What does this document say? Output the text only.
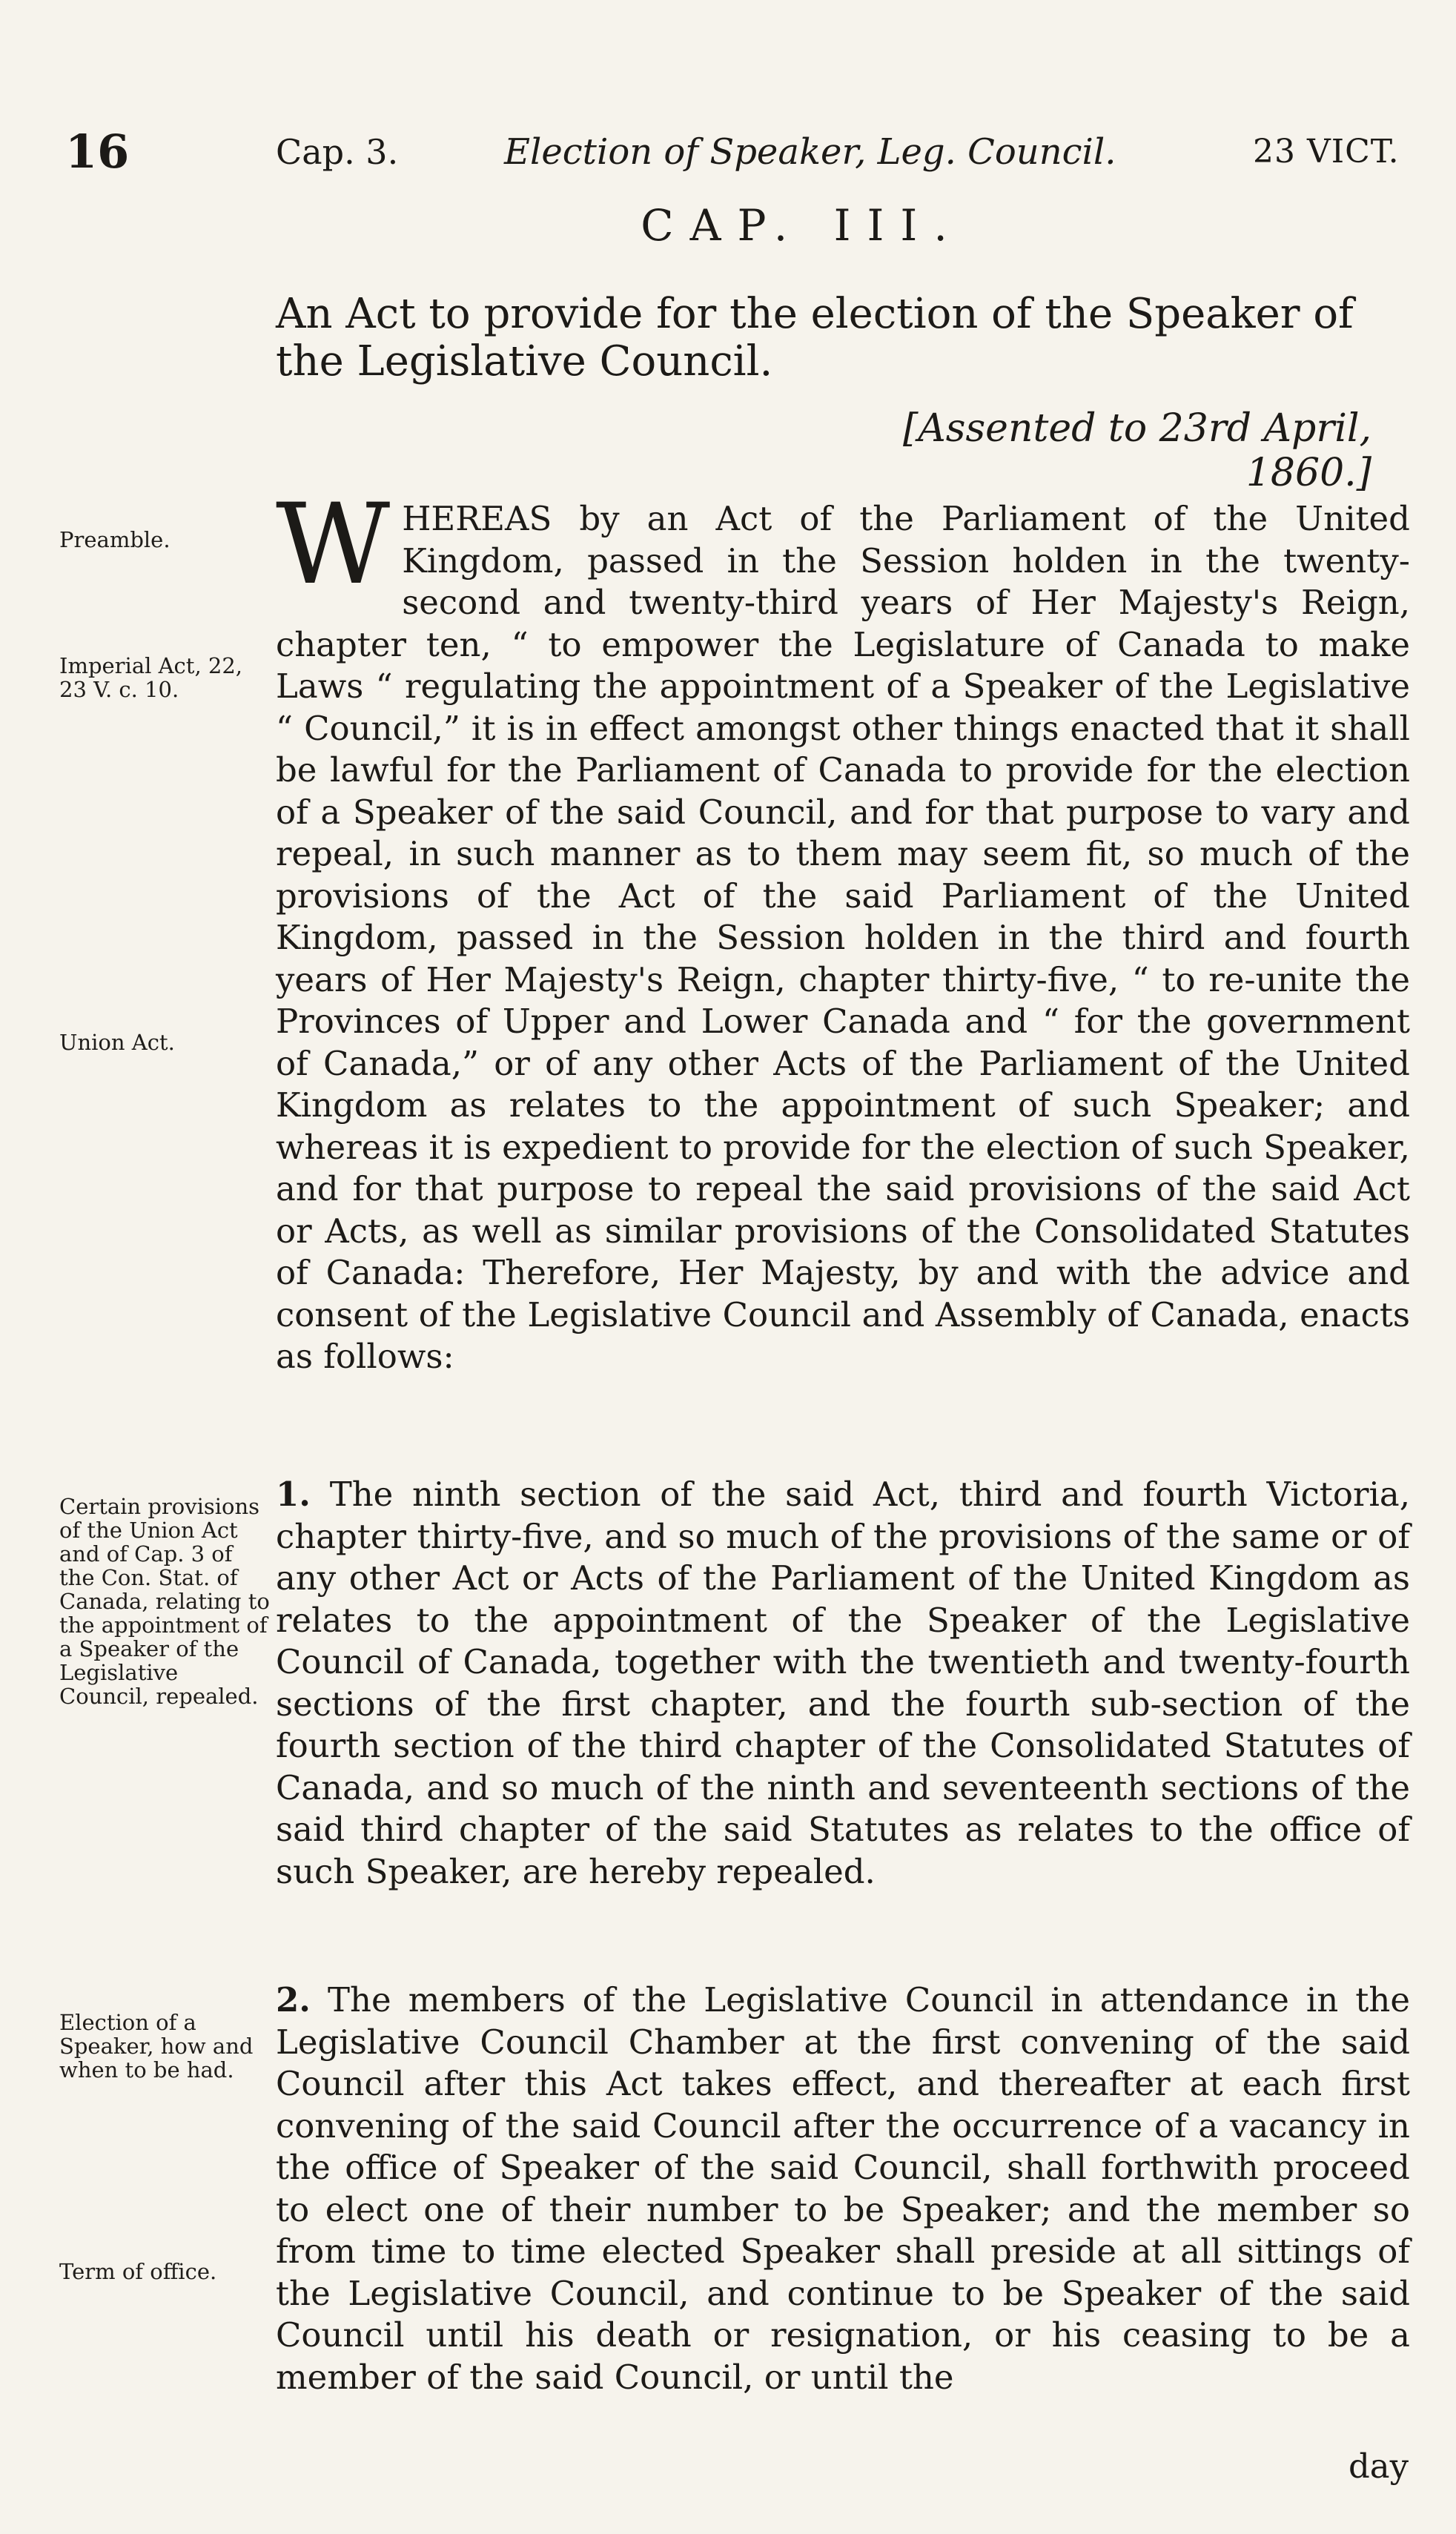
16	Cap. 3.	Election of Speaker, Leg. Council.	23 VICT.
CAP. III.
An Act to provide for the election of the Speaker of the Legislative Council.
[Assented to 23rd April, 1860.]
Preamble.
Imperial Act, 22, 23 V. c. 10.
Union Act.
Certain provisions of the Union Act and of Cap. 3 of the Con. Stat. of Canada, relating to the appointment of a Speaker of the Legislative Council, repealed.
Election of a Speaker, how and when to be had.
Term of office.
WHEREAS by an Act of the Parliament of the United Kingdom, passed in the Session holden in the twenty-second and twenty-third years of Her Majesty's Reign, chapter ten, “ to empower the Legislature of Canada to make Laws “ regulating the appointment of a Speaker of the Legislative “ Council,” it is in effect amongst other things enacted that it shall be lawful for the Parliament of Canada to provide for the election of a Speaker of the said Council, and for that purpose to vary and repeal, in such manner as to them may seem fit, so much of the provisions of the Act of the said Parliament of the United Kingdom, passed in the Session holden in the third and fourth years of Her Majesty's Reign, chapter thirty-five, “ to re-unite the Provinces of Upper and Lower Canada and “ for the government of Canada,” or of any other Acts of the Parliament of the United Kingdom as relates to the appointment of such Speaker; and whereas it is expedient to provide for the election of such Speaker, and for that purpose to repeal the said provisions of the said Act or Acts, as well as similar provisions of the Consolidated Statutes of Canada: Therefore, Her Majesty, by and with the advice and consent of the Legislative Council and Assembly of Canada, enacts as follows:
1. The ninth section of the said Act, third and fourth Victoria, chapter thirty-five, and so much of the provisions of the same or of any other Act or Acts of the Parliament of the United Kingdom as relates to the appointment of the Speaker of the Legislative Council of Canada, together with the twentieth and twenty-fourth sections of the first chapter, and the fourth sub-section of the fourth section of the third chapter of the Consolidated Statutes of Canada, and so much of the ninth and seventeenth sections of the said third chapter of the said Statutes as relates to the office of such Speaker, are hereby repealed.
2. The members of the Legislative Council in attendance in the Legislative Council Chamber at the first convening of the said Council after this Act takes effect, and thereafter at each first convening of the said Council after the occurrence of a vacancy in the office of Speaker of the said Council, shall forthwith proceed to elect one of their number to be Speaker; and the member so from time to time elected Speaker shall preside at all sittings of the Legislative Council, and continue to be Speaker of the said Council until his death or resignation, or his ceasing to be a member of the said Council, or until the
day
